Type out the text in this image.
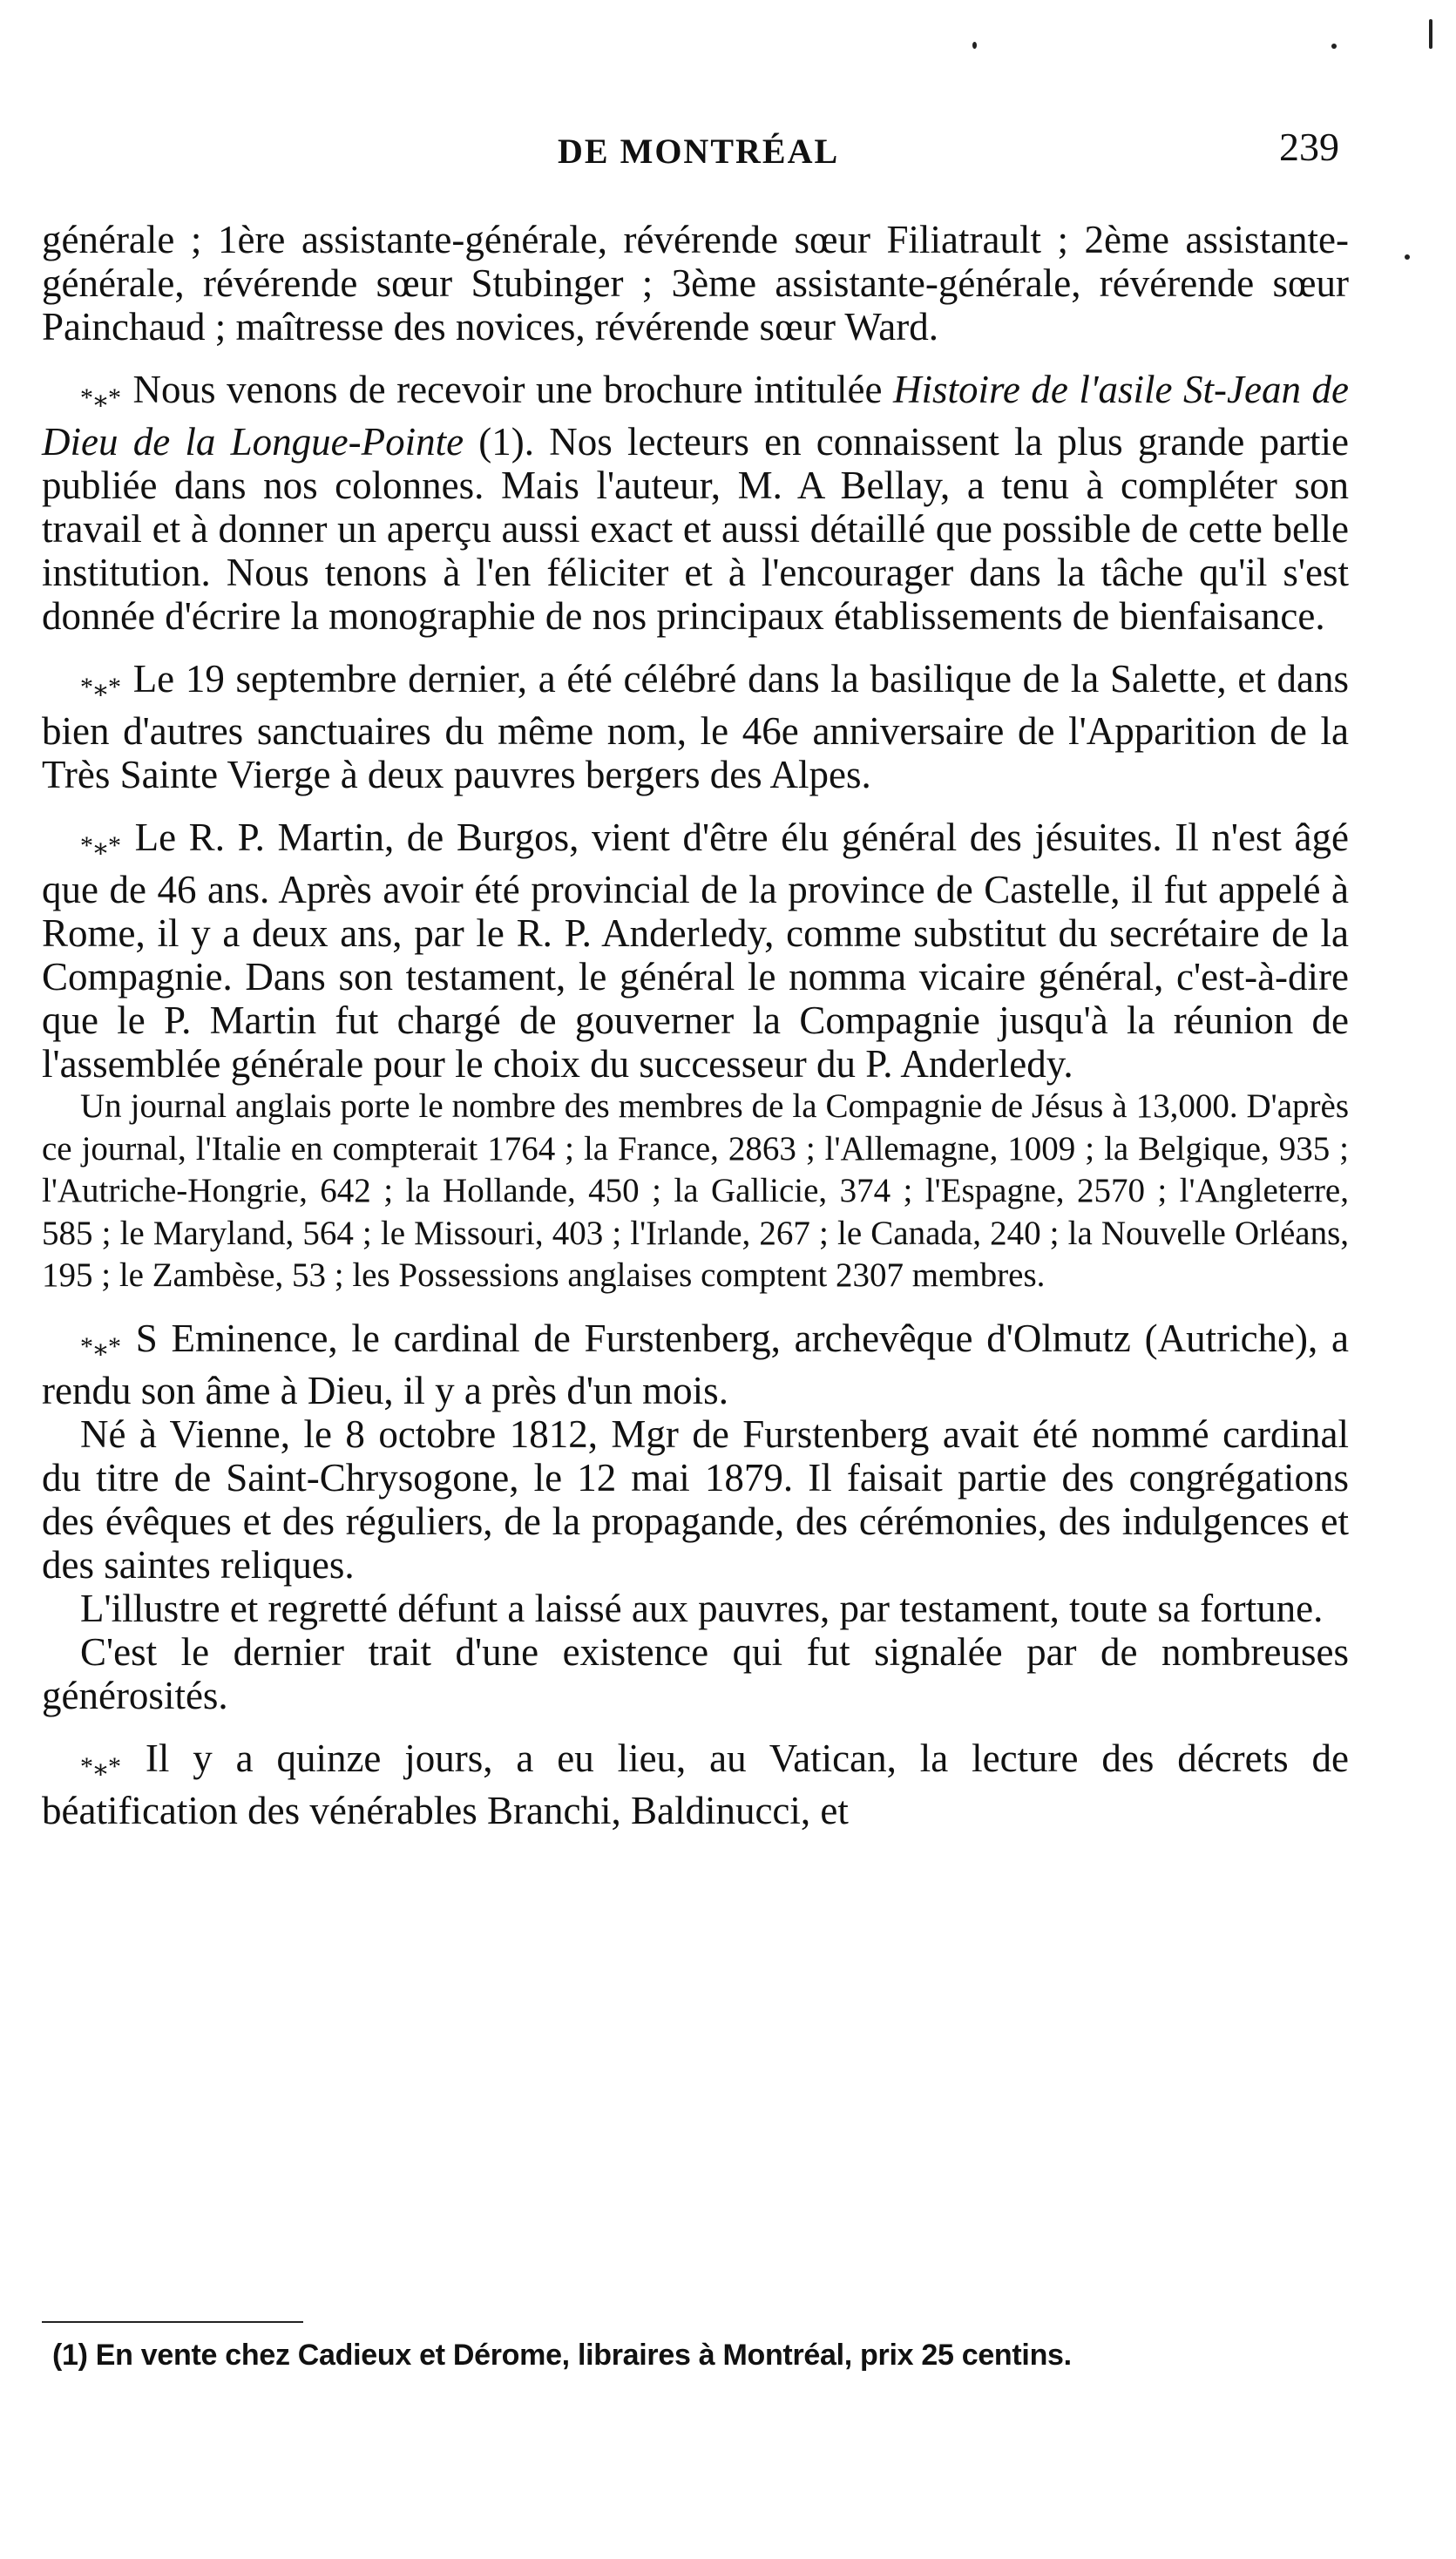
DE MONTRÉAL	239

générale ; 1ère assistante-générale, révérende sœur Filiatrault ; 2ème assistante-générale, révérende sœur Stubinger ; 3ème assistante-générale, révérende sœur Painchaud ; maîtresse des novices, révérende sœur Ward.

*⁎* Nous venons de recevoir une brochure intitulée Histoire de l'asile St-Jean de Dieu de la Longue-Pointe (1). Nos lecteurs en connaissent la plus grande partie publiée dans nos colonnes. Mais l'auteur, M. A Bellay, a tenu à compléter son travail et à donner un aperçu aussi exact et aussi détaillé que possible de cette belle institution. Nous tenons à l'en féliciter et à l'encourager dans la tâche qu'il s'est donnée d'écrire la monographie de nos principaux établissements de bienfaisance.

*⁎* Le 19 septembre dernier, a été célébré dans la basilique de la Salette, et dans bien d'autres sanctuaires du même nom, le 46e anniversaire de l'Apparition de la Très Sainte Vierge à deux pauvres bergers des Alpes.

*⁎* Le R. P. Martin, de Burgos, vient d'être élu général des jésuites. Il n'est âgé que de 46 ans. Après avoir été provincial de la province de Castelle, il fut appelé à Rome, il y a deux ans, par le R. P. Anderledy, comme substitut du secrétaire de la Compagnie. Dans son testament, le général le nomma vicaire général, c'est-à-dire que le P. Martin fut chargé de gouverner la Compagnie jusqu'à la réunion de l'assemblée générale pour le choix du successeur du P. Anderledy.

Un journal anglais porte le nombre des membres de la Compagnie de Jésus à 13,000. D'après ce journal, l'Italie en compterait 1764 ; la France, 2863 ; l'Allemagne, 1009 ; la Belgique, 935 ; l'Autriche-Hongrie, 642 ; la Hollande, 450 ; la Gallicie, 374 ; l'Espagne, 2570 ; l'Angleterre, 585 ; le Maryland, 564 ; le Missouri, 403 ; l'Irlande, 267 ; le Canada, 240 ; la Nouvelle Orléans, 195 ; le Zambèse, 53 ; les Possessions anglaises comptent 2307 membres.

*⁎* S Eminence, le cardinal de Furstenberg, archevêque d'Olmutz (Autriche), a rendu son âme à Dieu, il y a près d'un mois.

Né à Vienne, le 8 octobre 1812, Mgr de Furstenberg avait été nommé cardinal du titre de Saint-Chrysogone, le 12 mai 1879. Il faisait partie des congrégations des évêques et des réguliers, de la propagande, des cérémonies, des indulgences et des saintes reliques.

L'illustre et regretté défunt a laissé aux pauvres, par testament, toute sa fortune.

C'est le dernier trait d'une existence qui fut signalée par de nombreuses générosités.

*⁎* Il y a quinze jours, a eu lieu, au Vatican, la lecture des décrets de béatification des vénérables Branchi, Baldinucci, et

(1) En vente chez Cadieux et Dérome, libraires à Montréal, prix 25 centins.
